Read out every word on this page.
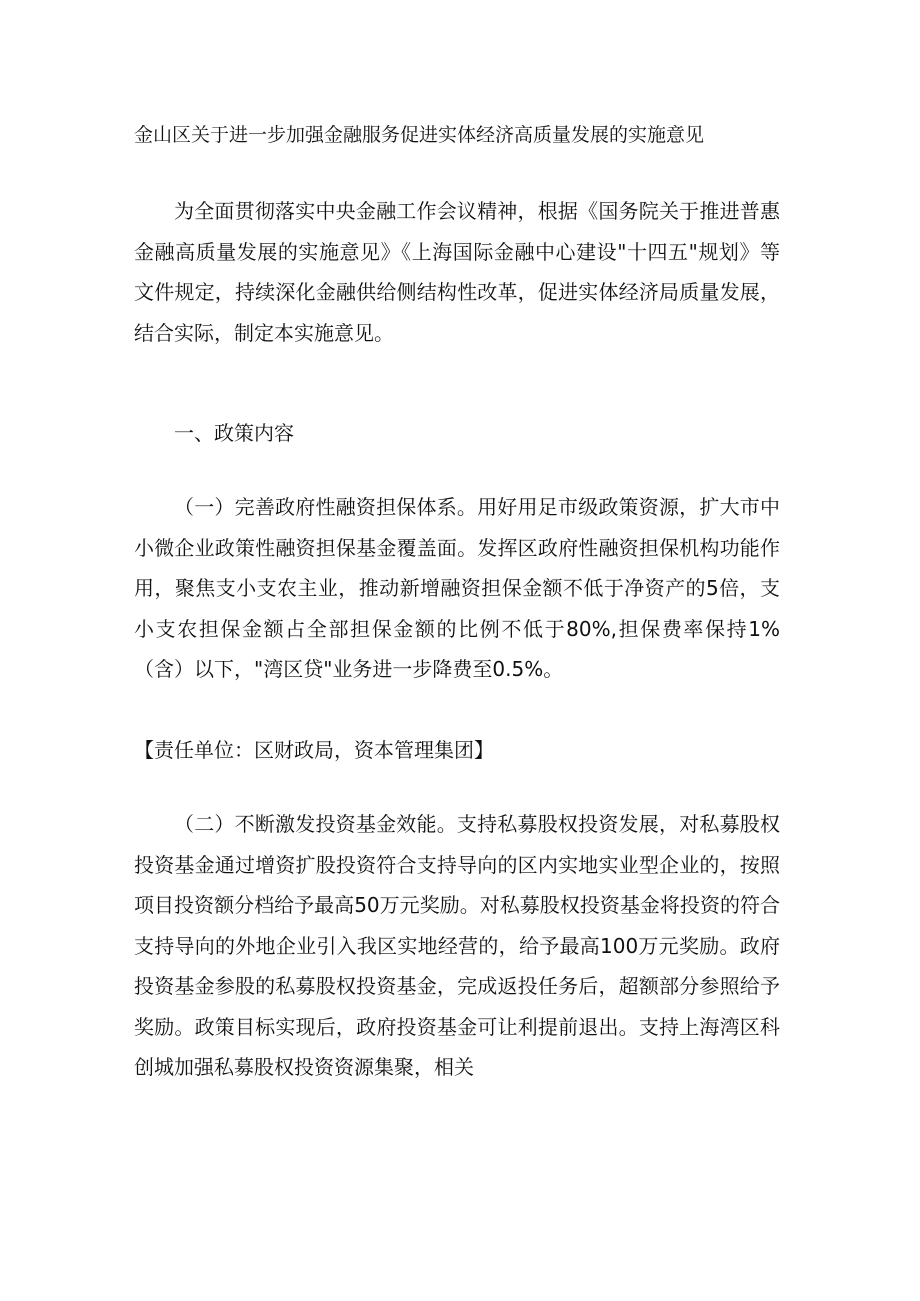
金山区关于进一步加强金融服务促进实体经济高质量发展的实施意见

为全面贯彻落实中央金融工作会议精神，根据《国务院关于推进普惠金融高质量发展的实施意见》《上海国际金融中心建设"十四五"规划》等文件规定，持续深化金融供给侧结构性改革，促进实体经济局质量发展，结合实际，制定本实施意见。

一、政策内容

（一）完善政府性融资担保体系。用好用足市级政策资源，扩大市中小微企业政策性融资担保基金覆盖面。发挥区政府性融资担保机构功能作用，聚焦支小支农主业，推动新增融资担保金额不低于净资产的5倍，支小支农担保金额占全部担保金额的比例不低于80%,担保费率保持1%（含）以下，"湾区贷"业务进一步降费至0.5%。

【责任单位：区财政局，资本管理集团】

（二）不断激发投资基金效能。支持私募股权投资发展，对私募股权投资基金通过增资扩股投资符合支持导向的区内实地实业型企业的，按照项目投资额分档给予最高50万元奖励。对私募股权投资基金将投资的符合支持导向的外地企业引入我区实地经营的，给予最高100万元奖励。政府投资基金参股的私募股权投资基金，完成返投任务后，超额部分参照给予奖励。政策目标实现后，政府投资基金可让利提前退出。支持上海湾区科创城加强私募股权投资资源集聚，相关
